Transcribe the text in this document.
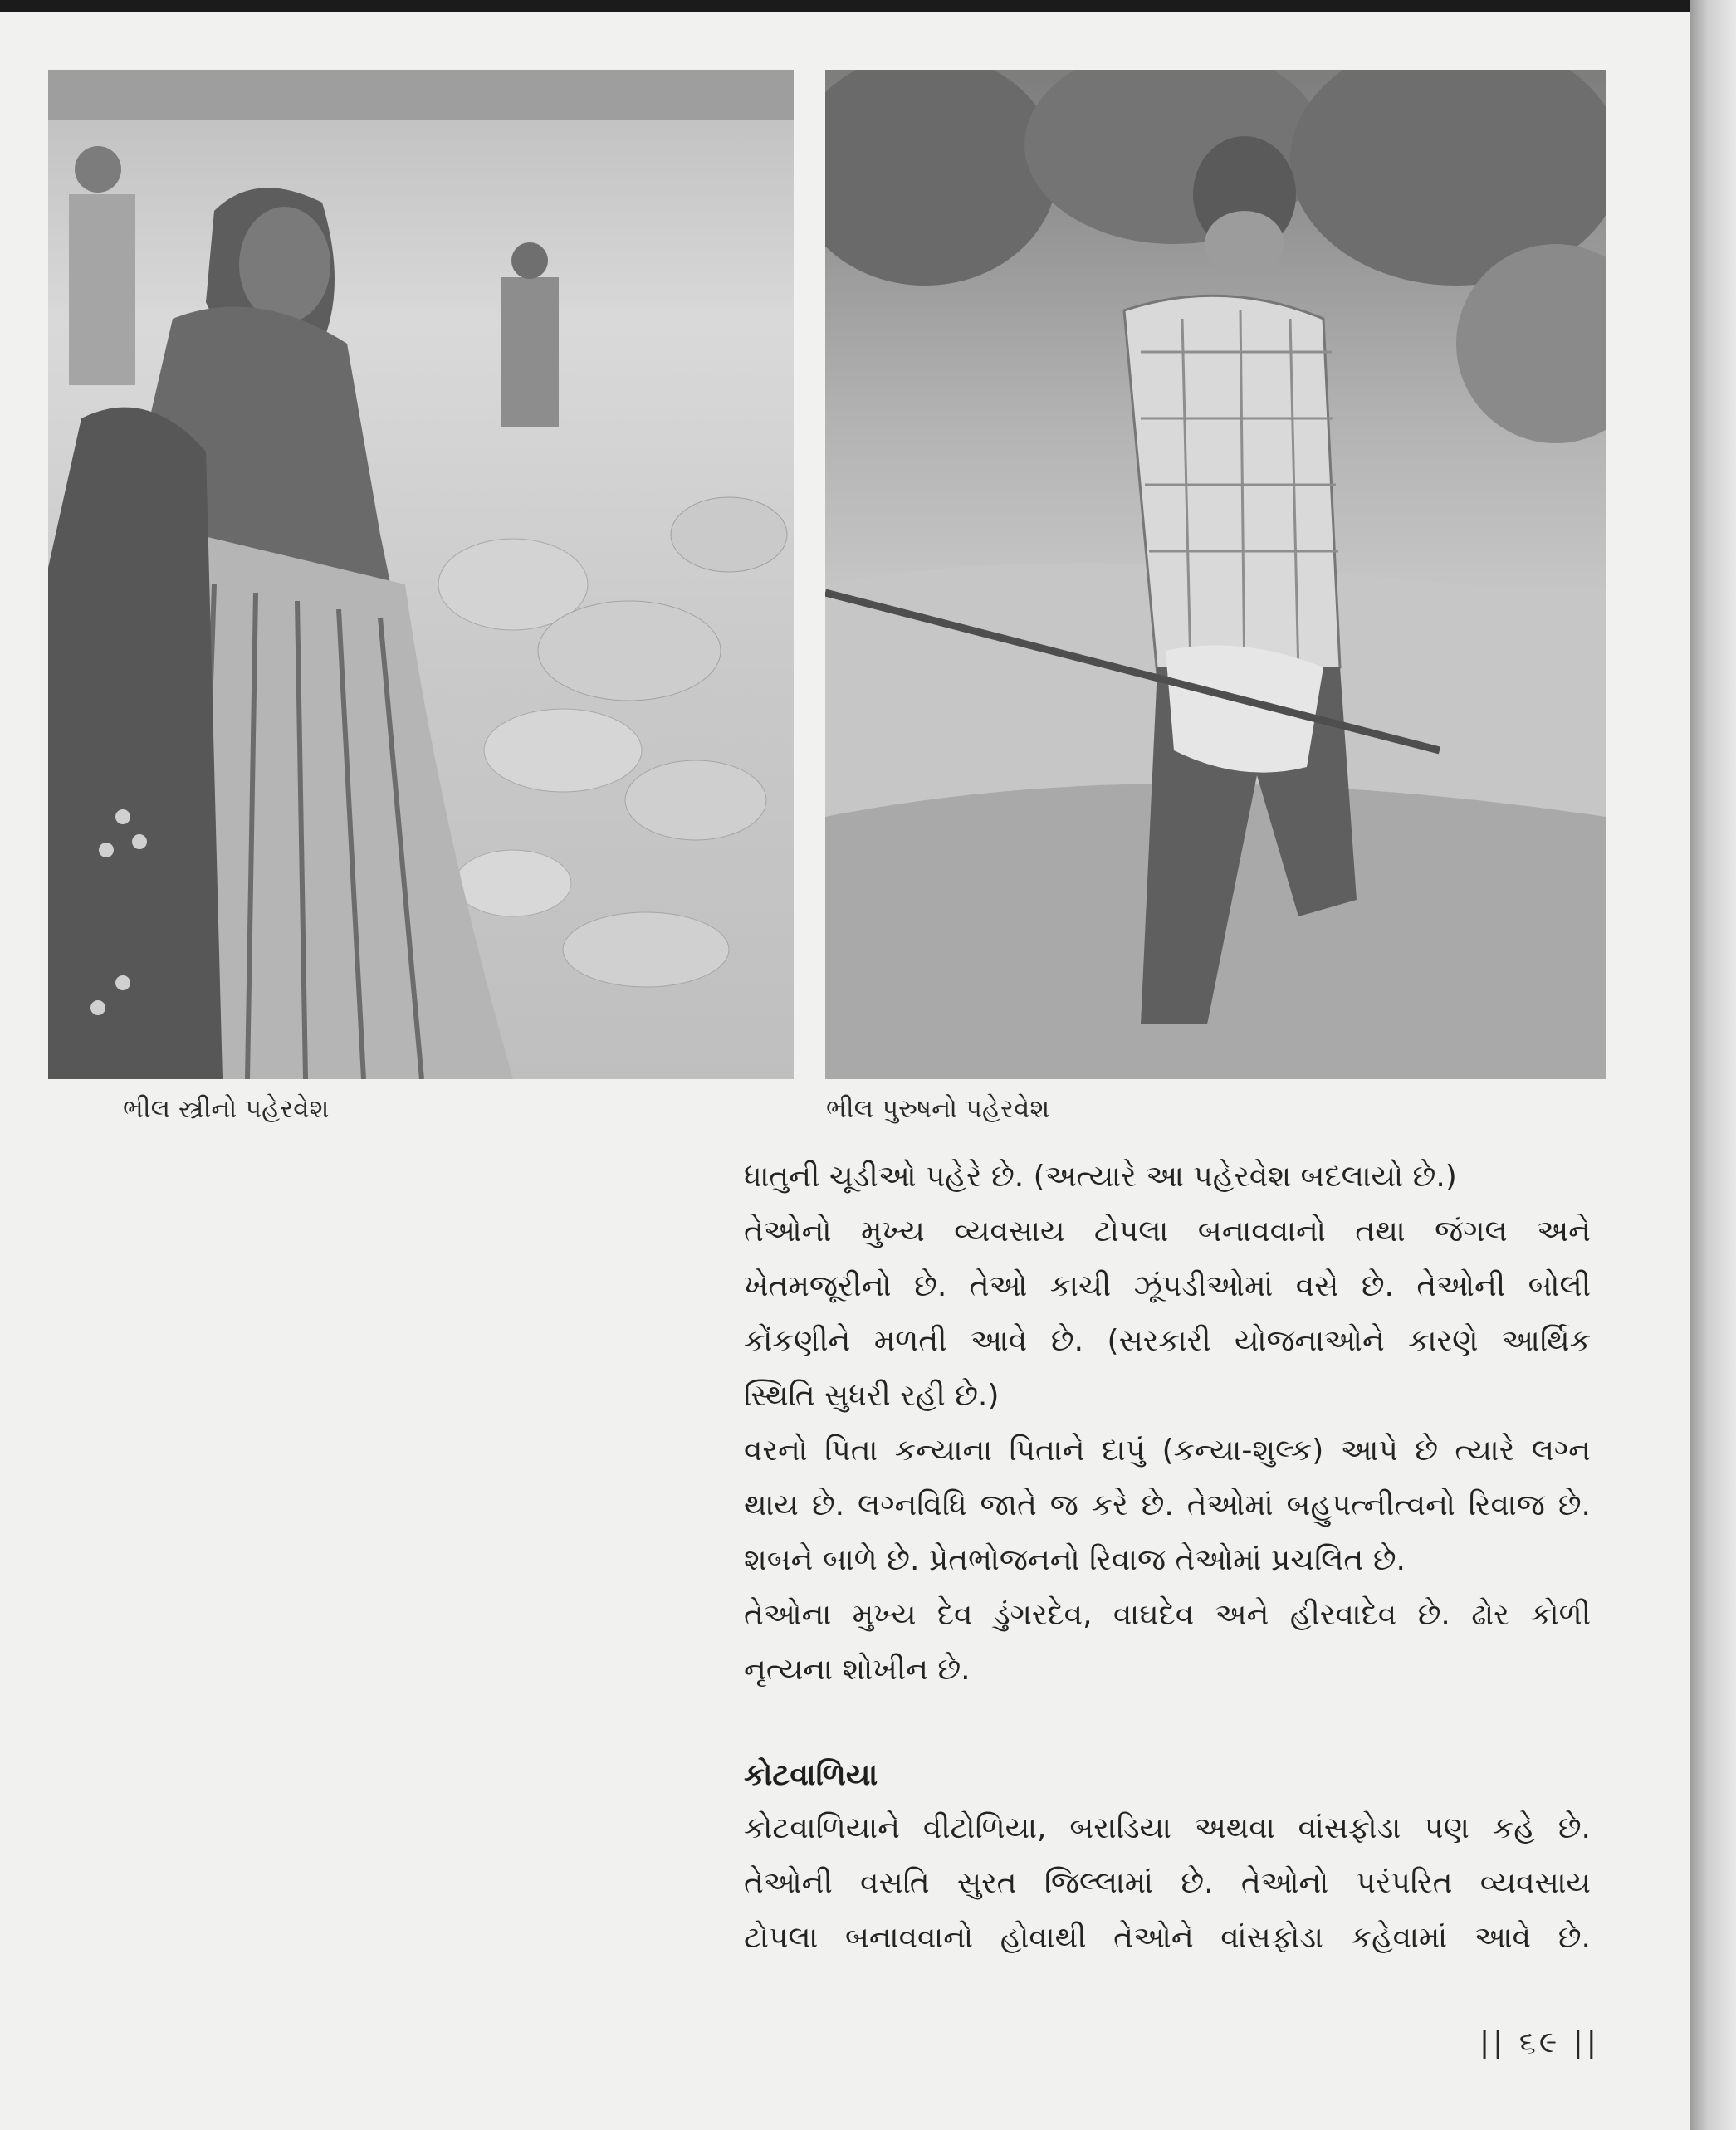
ભીલ સ્ત્રીનો પહેરવેશ	ભીલ પુરુષનો પહેરવેશ

ધાતુની ચૂડીઓ પહેરે છે. (અત્યારે આ પહેરવેશ બદલાયો છે.)

તેઓનો મુખ્ય વ્યવસાય ટોપલા બનાવવાનો તથા જંગલ અને
ખેતમજૂરીનો છે. તેઓ કાચી ઝૂંપડીઓમાં વસે છે. તેઓની બોલી
કોંકણીને મળતી આવે છે. (સરકારી યોજનાઓને કારણે આર્થિક
સ્થિતિ સુધરી રહી છે.)

વરનો પિતા કન્યાના પિતાને દાપું (કન્યા-શુલ્ક) આપે છે ત્યારે લગ્ન
થાય છે. લગ્નવિધિ જાતે જ કરે છે. તેઓમાં બહુપત્નીત્વનો રિવાજ છે.
શબને બાળે છે. પ્રેતભોજનનો રિવાજ તેઓમાં પ્રચલિત છે.

તેઓના મુખ્ય દેવ ડુંગરદેવ, વાઘદેવ અને હીરવાદેવ છે. ઢોર કોળી
નૃત્યના શોખીન છે.

કોટવાળિયા

કોટવાળિયાને વીટોળિયા, બરાડિયા અથવા વાંસફોડા પણ કહે છે.
તેઓની વસતિ સુરત જિલ્લામાં છે. તેઓનો પરંપરિત વ્યવસાય
ટોપલા બનાવવાનો હોવાથી તેઓને વાંસફોડા કહેવામાં આવે છે.

|| ૬૯ ||
